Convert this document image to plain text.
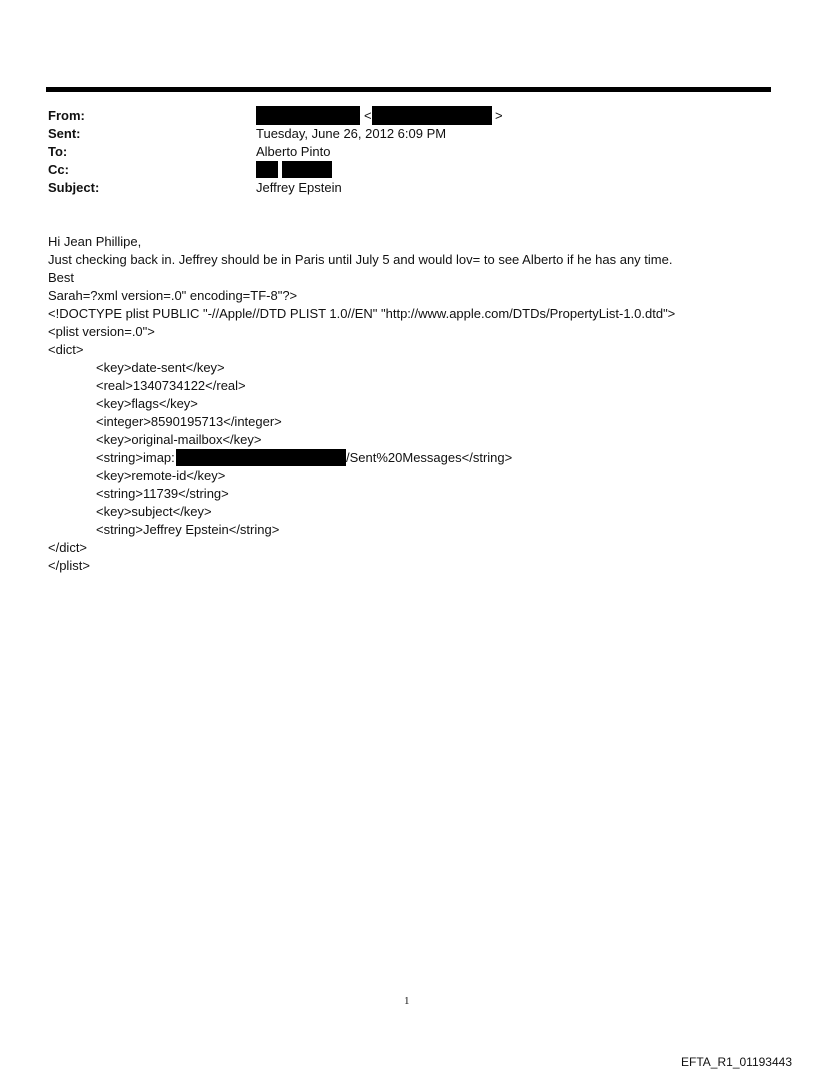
From:	<	>
Sent:	Tuesday, June 26, 2012 6:09 PM
To:	Alberto Pinto
Cc:
Subject:	Jeffrey Epstein
Hi Jean Phillipe,
Just checking back in. Jeffrey should be in Paris until July 5 and would lov= to see Alberto if he has any time.
Best
Sarah=?xml version=.0" encoding=TF-8"?>
<!DOCTYPE plist PUBLIC "-//Apple//DTD PLIST 1.0//EN" "http://www.apple.com/DTDs/PropertyList-1.0.dtd">
<plist version=.0">
<dict>
<key>date-sent</key>
<real>1340734122</real>
<key>flags</key>
<integer>8590195713</integer>
<key>original-mailbox</key>
<string>imap:	/Sent%20Messages</string>
<key>remote-id</key>
<string>11739</string>
<key>subject</key>
<string>Jeffrey Epstein</string>
</dict>
</plist>
1
EFTA_R1_01193443
